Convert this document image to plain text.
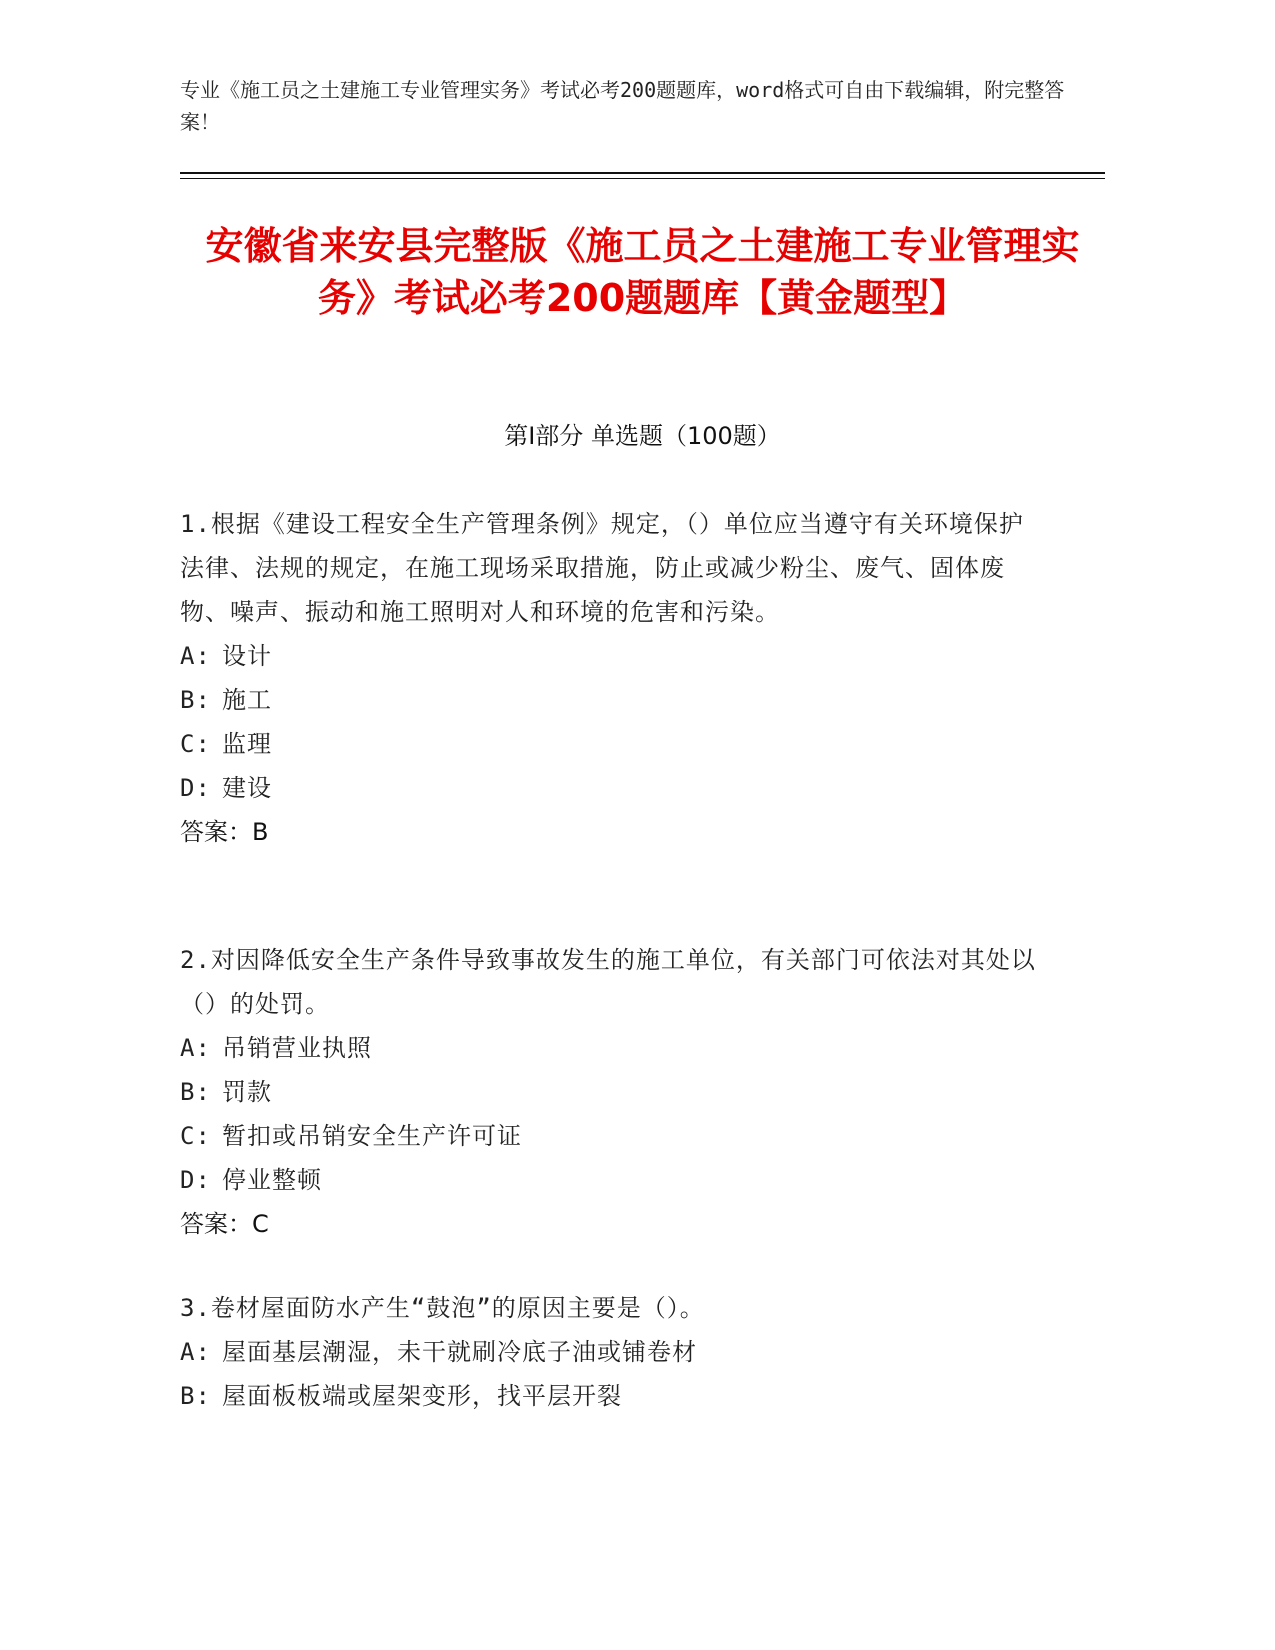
专业《施工员之土建施工专业管理实务》考试必考200题题库，word格式可自由下载编辑，附完整答案！
安徽省来安县完整版《施工员之土建施工专业管理实务》考试必考200题题库【黄金题型】
第I部分 单选题（100题）
1.根据《建设工程安全生产管理条例》规定，（）单位应当遵守有关环境保护法律、法规的规定，在施工现场采取措施，防止或减少粉尘、废气、固体废物、噪声、振动和施工照明对人和环境的危害和污染。
A: 设计
B: 施工
C: 监理
D: 建设
答案：B
2.对因降低安全生产条件导致事故发生的施工单位，有关部门可依法对其处以（）的处罚。
A: 吊销营业执照
B: 罚款
C: 暂扣或吊销安全生产许可证
D: 停业整顿
答案：C
3.卷材屋面防水产生“鼓泡”的原因主要是（）。
A: 屋面基层潮湿，未干就刷冷底子油或铺卷材
B: 屋面板板端或屋架变形，找平层开裂
